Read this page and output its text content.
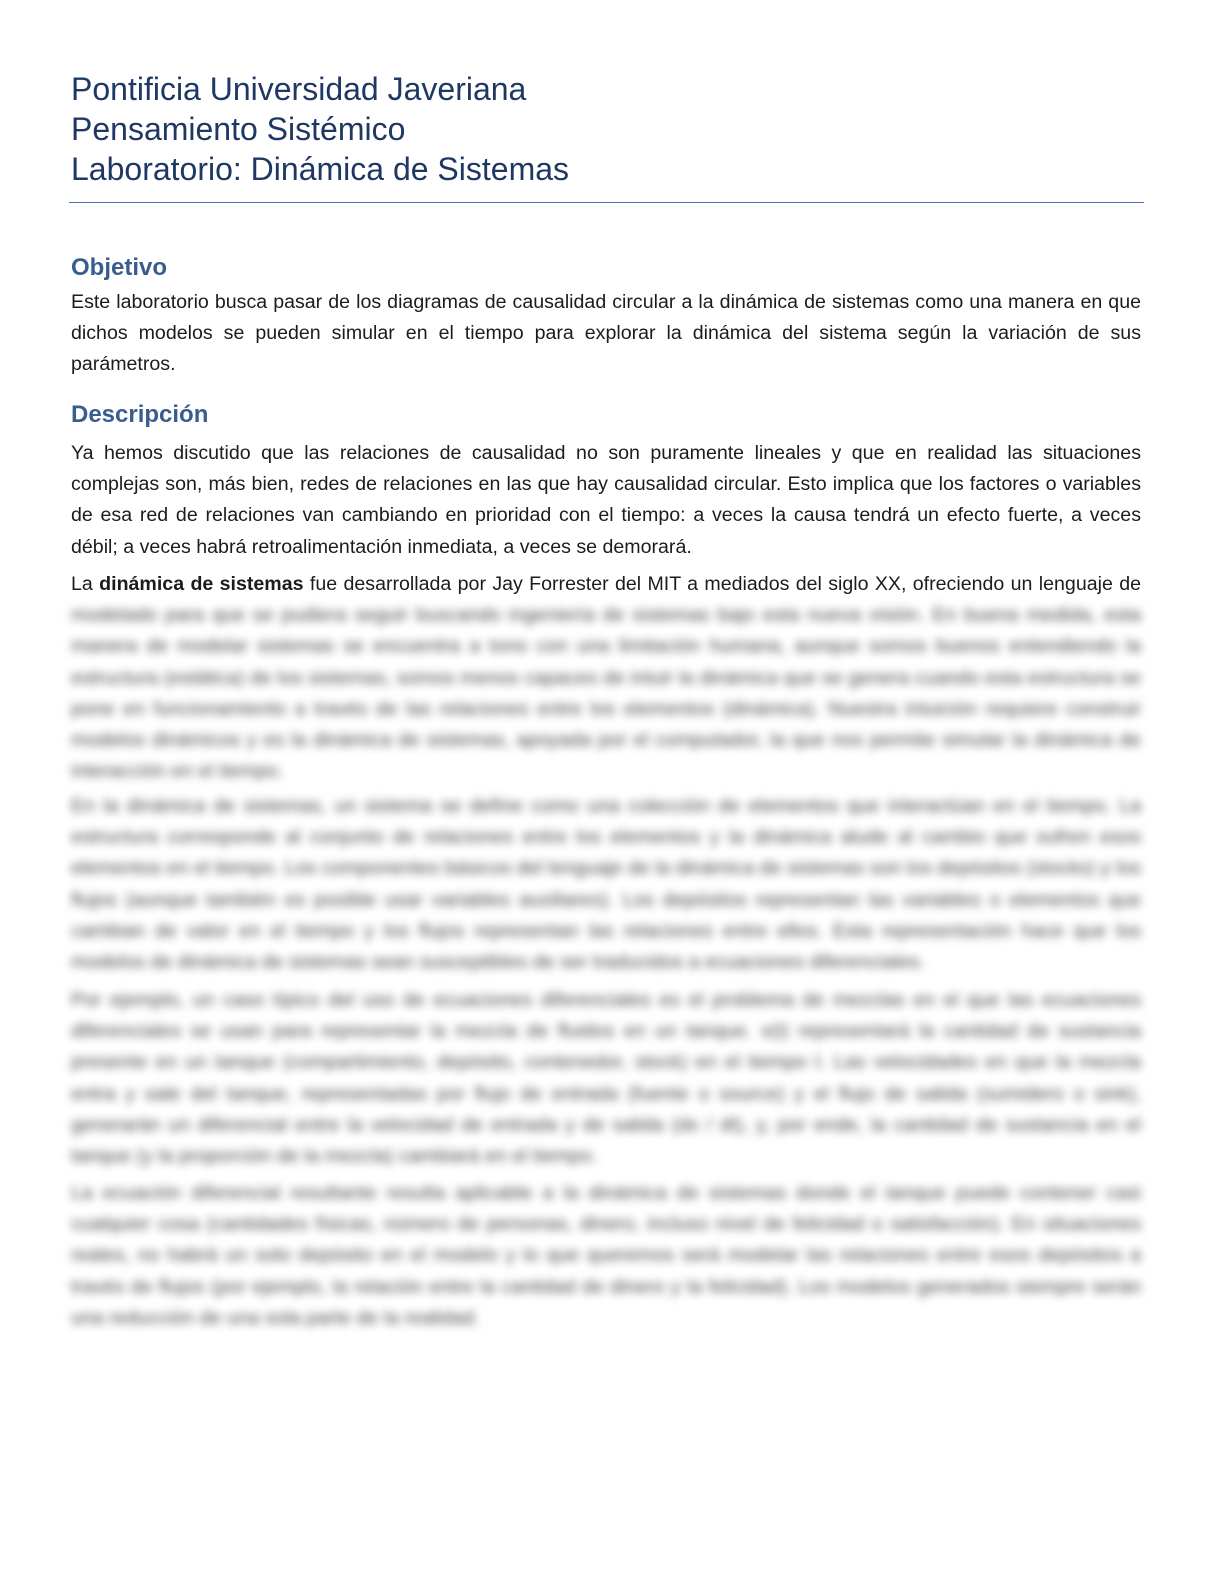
Pontificia Universidad Javeriana

Pensamiento Sistémico

Laboratorio: Dinámica de Sistemas

Objetivo

Este laboratorio busca pasar de los diagramas de causalidad circular a la dinámica de sistemas como una manera en que dichos modelos se pueden simular en el tiempo para explorar la dinámica del sistema según la variación de sus parámetros.

Descripción

Ya hemos discutido que las relaciones de causalidad no son puramente lineales y que en realidad las situaciones complejas son, más bien, redes de relaciones en las que hay causalidad circular. Esto implica que los factores o variables de esa red de relaciones van cambiando en prioridad con el tiempo: a veces la causa tendrá un efecto fuerte, a veces débil; a veces habrá retroalimentación inmediata, a veces se demorará.

La dinámica de sistemas fue desarrollada por Jay Forrester del MIT a mediados del siglo XX, ofreciendo un lenguaje de modelado para que se pudiera seguir buscando ingeniería de sistemas bajo esta nueva visión. En buena medida, esta manera de modelar sistemas se encuentra a tono con una limitación humana, aunque somos buenos entendiendo la estructura (estática) de los sistemas, somos menos capaces de intuir la dinámica que se genera cuando esta estructura se pone en funcionamiento a través de las relaciones entre los elementos (dinámica). Nuestra intuición requiere construir modelos dinámicos y es la dinámica de sistemas, apoyada por el computador, la que nos permite simular la dinámica de interacción en el tiempo.

En la dinámica de sistemas, un sistema se define como una colección de elementos que interactúan en el tiempo. La estructura corresponde al conjunto de relaciones entre los elementos y la dinámica alude al cambio que sufren esos elementos en el tiempo. Los componentes básicos del lenguaje de la dinámica de sistemas son los depósitos (stocks) y los flujos (aunque también es posible usar variables auxiliares). Los depósitos representan las variables o elementos que cambian de valor en el tiempo y los flujos representan las relaciones entre ellos. Esta representación hace que los modelos de dinámica de sistemas sean susceptibles de ser traducidos a ecuaciones diferenciales.

Por ejemplo, un caso típico del uso de ecuaciones diferenciales es el problema de mezclas en el que las ecuaciones diferenciales se usan para representar la mezcla de fluidos en un tanque. x(t) representará la cantidad de sustancia presente en un tanque (compartimiento, depósito, contenedor, stock) en el tiempo t. Las velocidades en que la mezcla entra y sale del tanque, representadas por flujo de entrada (fuente o source) y el flujo de salida (sumidero o sink), generarán un diferencial entre la velocidad de entrada y de salida (dx / dt), y, por ende, la cantidad de sustancia en el tanque (y la proporción de la mezcla) cambiará en el tiempo.

La ecuación diferencial resultante resulta aplicable a la dinámica de sistemas donde el tanque puede contener casi cualquier cosa (cantidades físicas, número de personas, dinero, incluso nivel de felicidad o satisfacción). En situaciones reales, no habrá un solo depósito en el modelo y lo que queremos será modelar las relaciones entre esos depósitos a través de flujos (por ejemplo, la relación entre la cantidad de dinero y la felicidad). Los modelos generados siempre serán una reducción de una sola parte de la realidad.
